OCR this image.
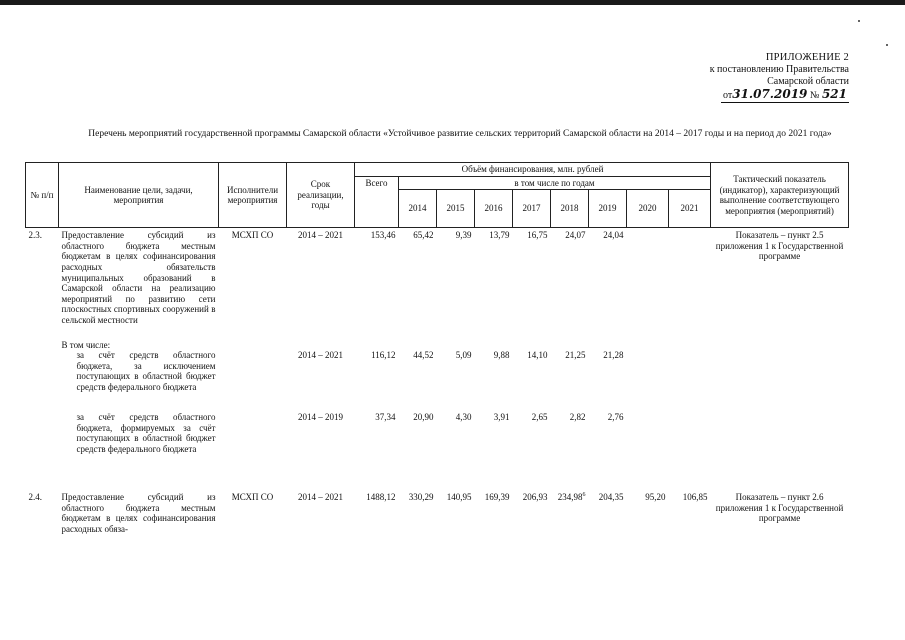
ПРИЛОЖЕНИЕ 2
к постановлению Правительства
Самарской области
от31.07.2019 № 521
Перечень мероприятий государственной программы Самарской области «Устойчивое развитие сельских территорий Самарской области на 2014 – 2017 годы и на период до 2021 года»
№ п/п	Наименование цели, задачи, мероприятия	Исполнители мероприятия	Срок реализации, годы	Объём финансирования, млн. рублей									Тактический показатель (индикатор), характеризующий выполнение соответствующего мероприятия (мероприятий)
				Всего	в том числе по годам								
					2014	2015	2016	2017	2018	2019	2020	2021	
2.3.	Предоставление субсидий из областного бюджета местным бюджетам в целях софинансирования расходных обязательств муниципальных образований в Самарской области на реализацию мероприятий по развитию сети плоскостных спортивных сооружений в сельской местности	МСХП СО	2014 – 2021	153,46	65,42	9,39	13,79	16,75	24,07	24,04			Показатель – пункт 2.5 приложения 1 к Государственной программе

	В том числе:												
	за счёт средств областного бюджета, за исключением поступающих в областной бюджет средств федерального бюджета		2014 – 2021	116,12	44,52	5,09	9,88	14,10	21,25	21,28			
	за счёт средств областного бюджета, формируемых за счёт поступающих в областной бюджет средств федерального бюджета		2014 – 2019	37,34	20,90	4,30	3,91	2,65	2,82	2,76			
2.4.	Предоставление субсидий из областного бюджета местным бюджетам в целях софинансирования расходных обяза-	МСХП СО	2014 – 2021	1488,12	330,29	140,95	169,39	206,93	234,98$^6$	204,35	95,20	106,85	Показатель – пункт 2.6 приложения 1 к Государственной программе
